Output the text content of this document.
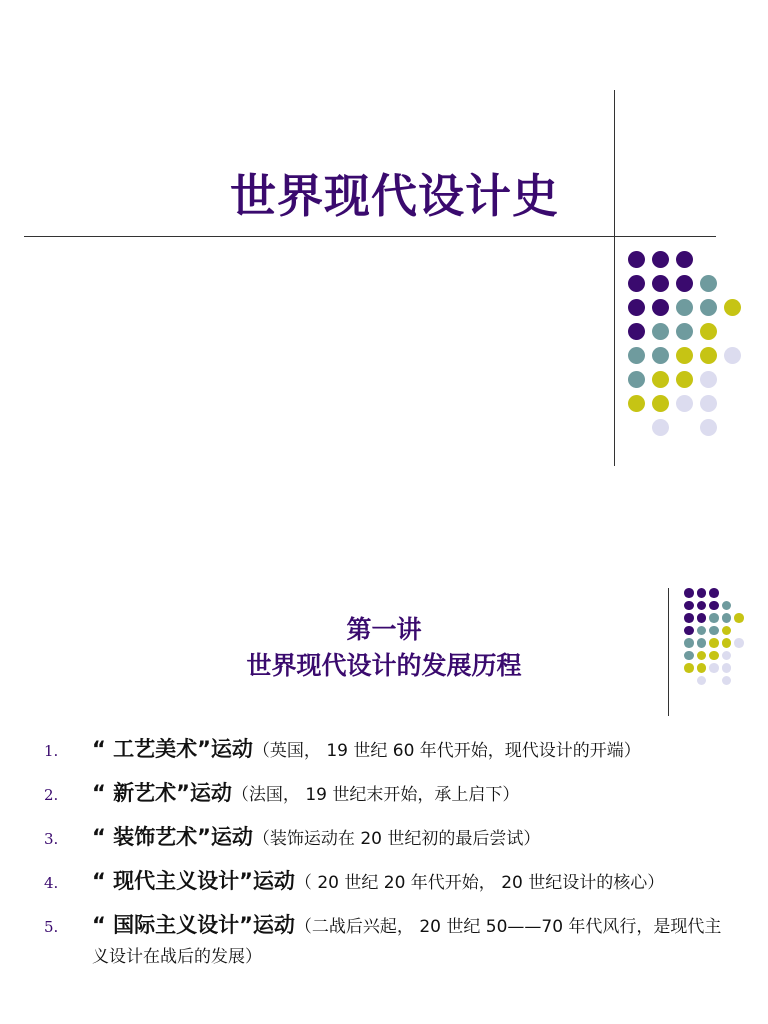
世界现代设计史
第一讲
世界现代设计的发展历程
1.	“ 工艺美术”运动（英国， 19 世纪 60 年代开始，现代设计的开端）
2.	“ 新艺术”运动（法国， 19 世纪末开始，承上启下）
3.	“ 装饰艺术”运动（装饰运动在 20 世纪初的最后尝试）
4.	“ 现代主义设计”运动（ 20 世纪 20 年代开始， 20 世纪设计的核心）
5.	“ 国际主义设计”运动（二战后兴起， 20 世纪 50——70 年代风行，是现代主义设计在战后的发展）
